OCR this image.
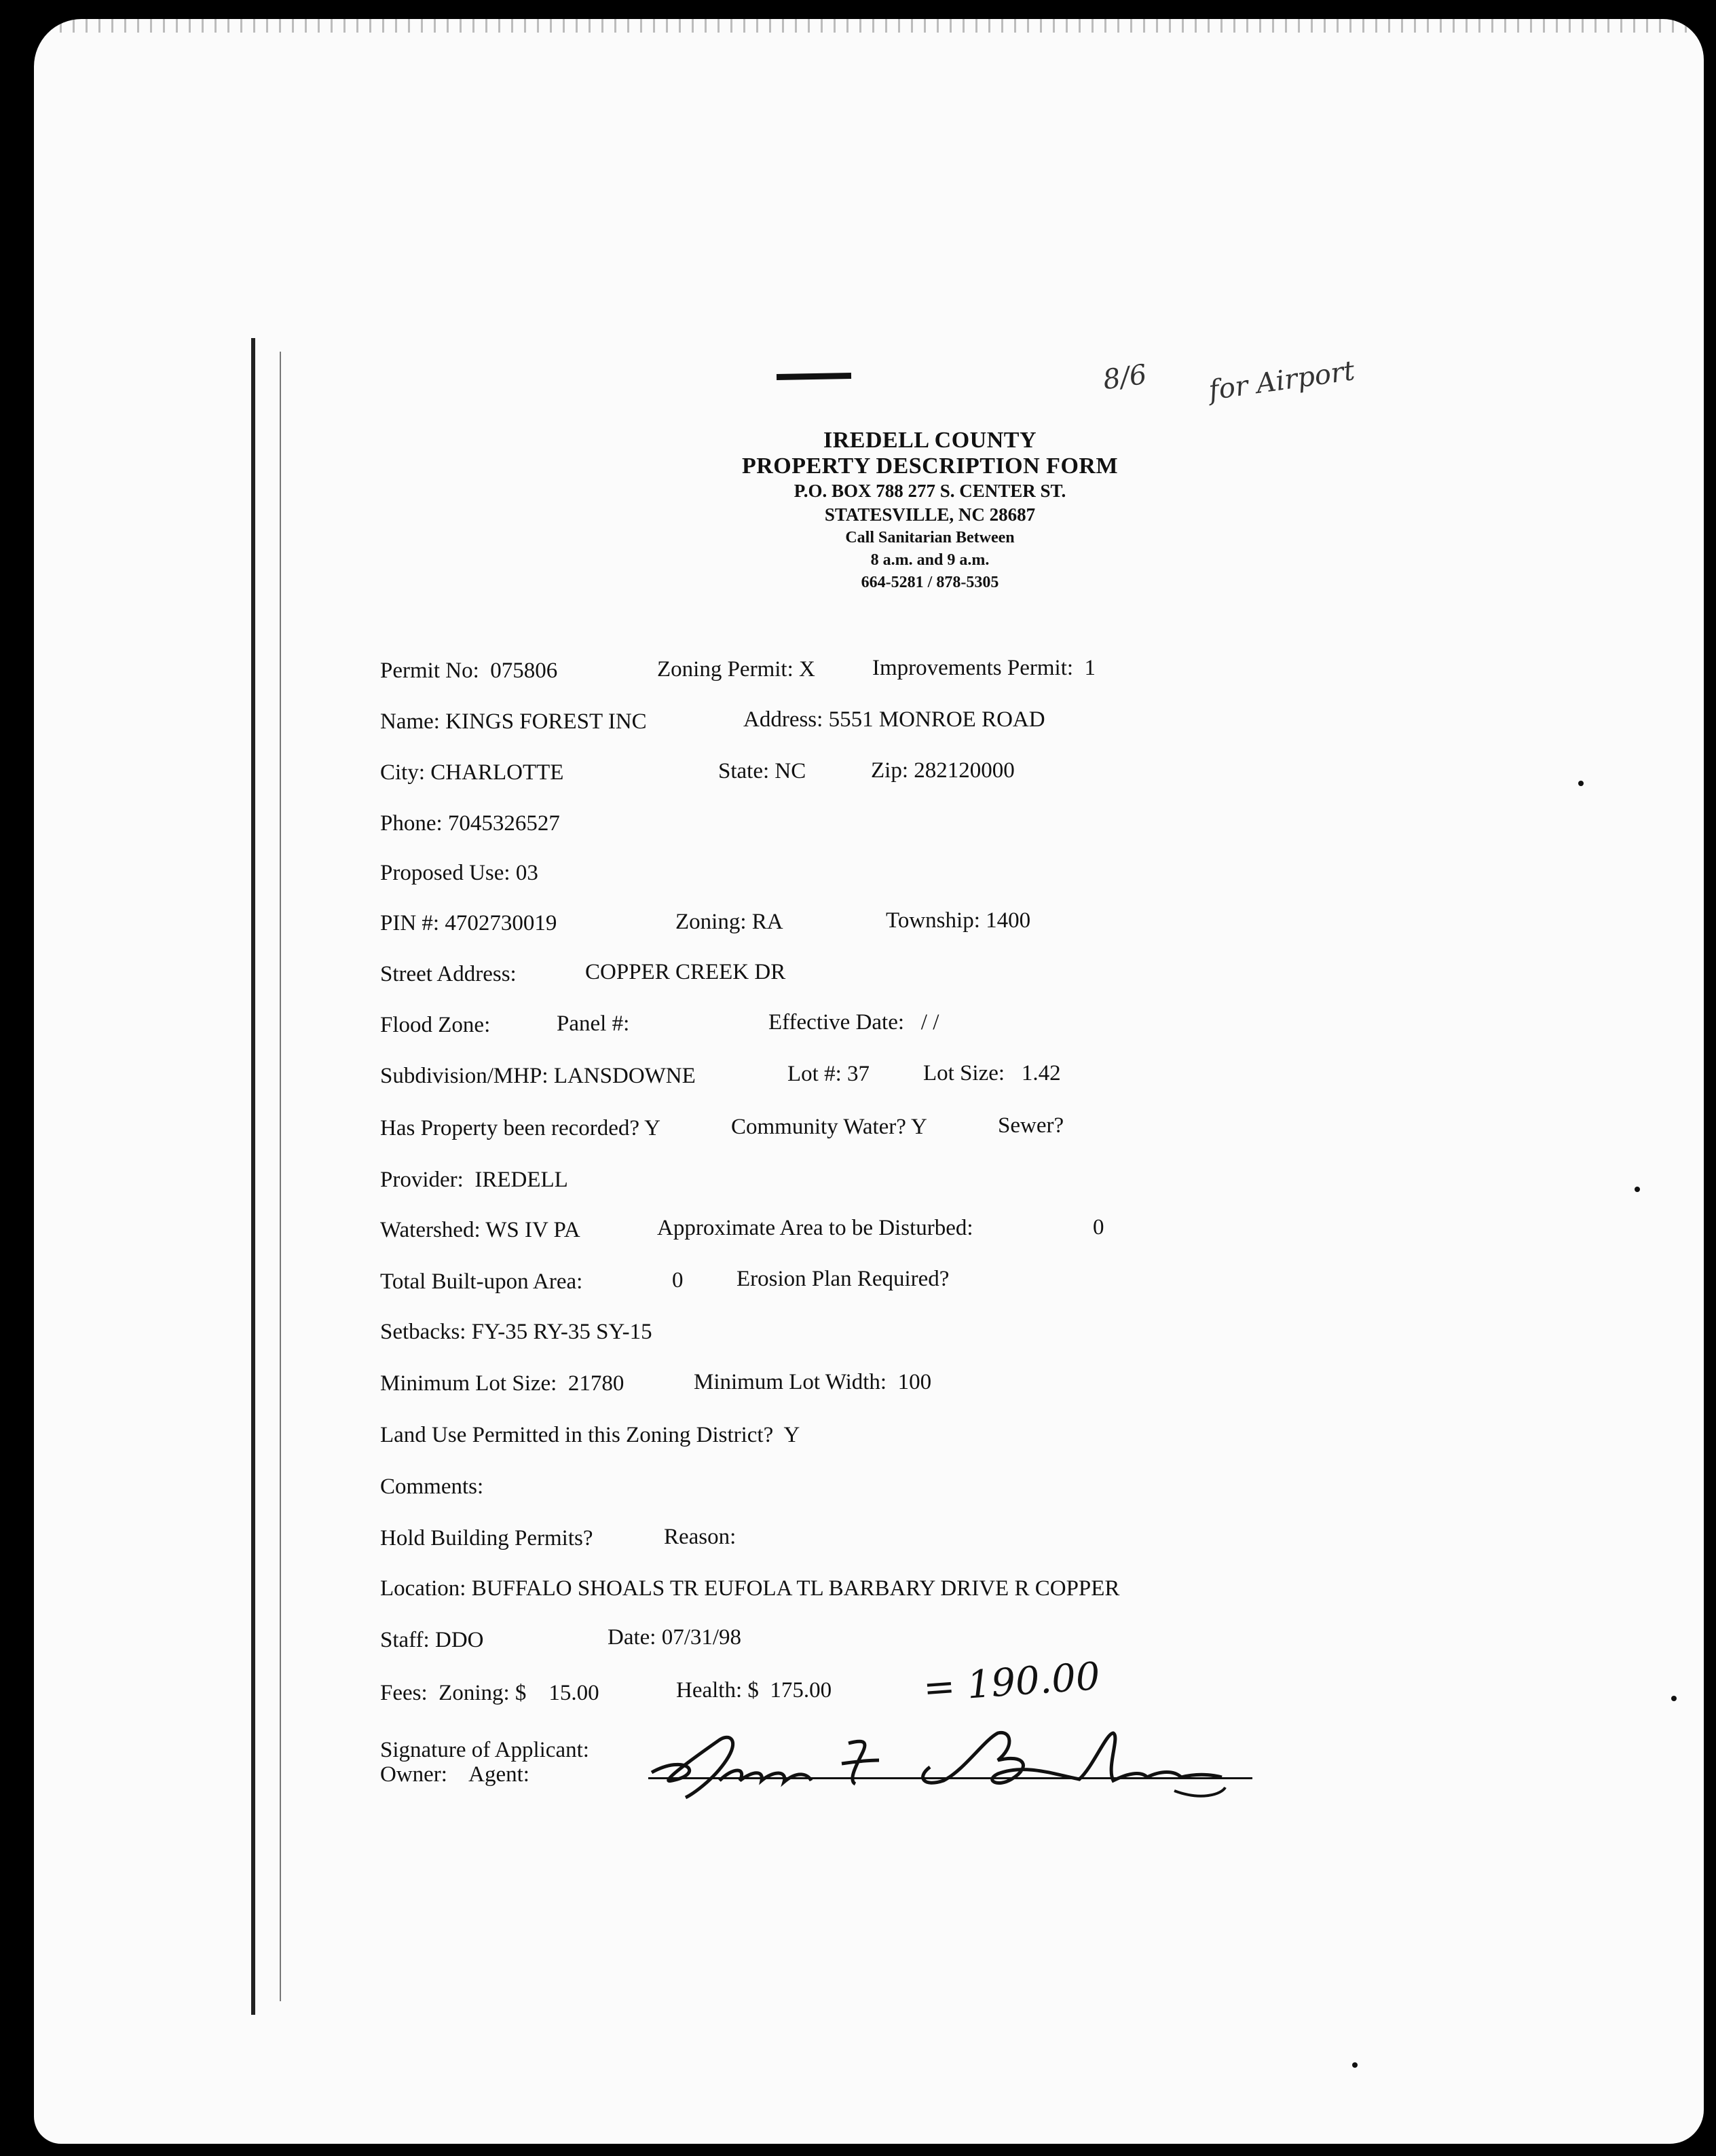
8/6 for Airport
IREDELL COUNTY
PROPERTY DESCRIPTION FORM
P.O. BOX 788 277 S. CENTER ST.
STATESVILLE, NC 28687
Call Sanitarian Between
8 a.m. and 9 a.m.
664-5281 / 878-5305
Permit No: 075806	Zoning Permit: X	Improvements Permit: 1
Name: KINGS FOREST INC	Address: 5551 MONROE ROAD
City: CHARLOTTE	State: NC	Zip: 282120000
Phone: 7045326527
Proposed Use: 03
PIN #: 4702730019	Zoning: RA	Township: 1400
Street Address:	COPPER CREEK DR
Flood Zone:	Panel #:	Effective Date: / /
Subdivision/MHP: LANSDOWNE	Lot #: 37 Lot Size: 1.42
Has Property been recorded? Y	Community Water? Y	Sewer?
Provider: IREDELL
Watershed: WS IV PA	Approximate Area to be Disturbed:	0
Total Built-upon Area:	0 Erosion Plan Required?
Setbacks: FY-35 RY-35 SY-15
Minimum Lot Size: 21780	Minimum Lot Width: 100
Land Use Permitted in this Zoning District? Y
Comments:
Hold Building Permits?	Reason:
Location: BUFFALO SHOALS TR EUFOLA TL BARBARY DRIVE R COPPER
Staff: DDO	Date: 07/31/98
Fees: Zoning: $ 15.00	Health: $ 175.00 = 190.00
Signature of Applicant:
Owner: Agent:
